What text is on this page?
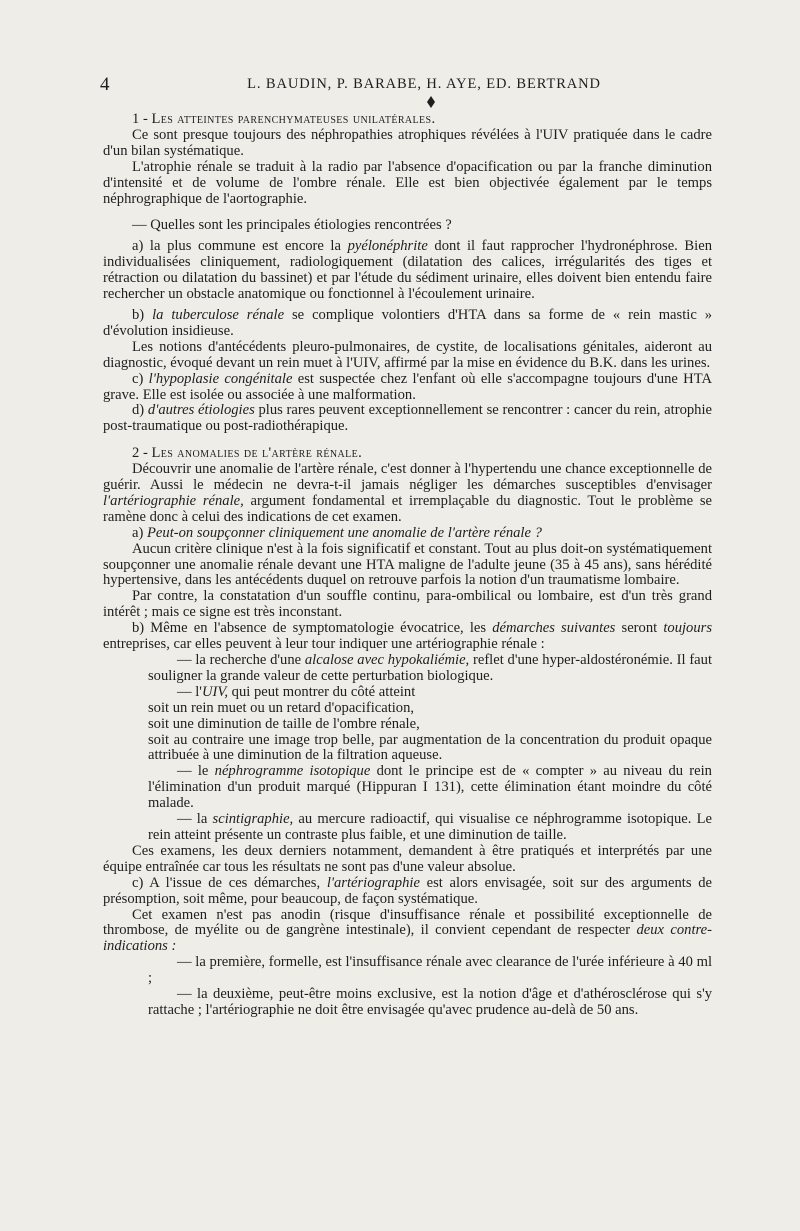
4	L. BAUDIN, P. BARABE, H. AYE, ED. BERTRAND

1 - Les atteintes parenchymateuses unilatérales.

Ce sont presque toujours des néphropathies atrophiques révélées à l'UIV pratiquée dans le cadre d'un bilan systématique.

L'atrophie rénale se traduit à la radio par l'absence d'opacification ou par la franche diminution d'intensité et de volume de l'ombre rénale. Elle est bien objectivée également par le temps néphrographique de l'aortographie.

— Quelles sont les principales étiologies rencontrées ?

a) la plus commune est encore la pyélonéphrite dont il faut rapprocher l'hydronéphrose. Bien individualisées cliniquement, radiologiquement (dilatation des calices, irrégularités des tiges et rétraction ou dilatation du bassinet) et par l'étude du sédiment urinaire, elles doivent bien entendu faire rechercher un obstacle anatomique ou fonctionnel à l'écoulement urinaire.

b) la tuberculose rénale se complique volontiers d'HTA dans sa forme de « rein mastic » d'évolution insidieuse.

Les notions d'antécédents pleuro-pulmonaires, de cystite, de localisations génitales, aideront au diagnostic, évoqué devant un rein muet à l'UIV, affirmé par la mise en évidence du B.K. dans les urines.

c) l'hypoplasie congénitale est suspectée chez l'enfant où elle s'accompagne toujours d'une HTA grave. Elle est isolée ou associée à une malformation.

d) d'autres étiologies plus rares peuvent exceptionnellement se rencontrer : cancer du rein, atrophie post-traumatique ou post-radiothérapique.

2 - Les anomalies de l'artère rénale.

Découvrir une anomalie de l'artère rénale, c'est donner à l'hypertendu une chance exceptionnelle de guérir. Aussi le médecin ne devra-t-il jamais négliger les démarches susceptibles d'envisager l'artériographie rénale, argument fondamental et irremplaçable du diagnostic. Tout le problème se ramène donc à celui des indications de cet examen.

a) Peut-on soupçonner cliniquement une anomalie de l'artère rénale ?

Aucun critère clinique n'est à la fois significatif et constant. Tout au plus doit-on systématiquement soupçonner une anomalie rénale devant une HTA maligne de l'adulte jeune (35 à 45 ans), sans hérédité hypertensive, dans les antécédents duquel on retrouve parfois la notion d'un traumatisme lombaire.

Par contre, la constatation d'un souffle continu, para-ombilical ou lombaire, est d'un très grand intérêt ; mais ce signe est très inconstant.

b) Même en l'absence de symptomatologie évocatrice, les démarches suivantes seront toujours entreprises, car elles peuvent à leur tour indiquer une artériographie rénale :

— la recherche d'une alcalose avec hypokaliémie, reflet d'une hyper-aldostéronémie. Il faut souligner la grande valeur de cette perturbation biologique.

— l'UIV, qui peut montrer du côté atteint

soit un rein muet ou un retard d'opacification,

soit une diminution de taille de l'ombre rénale,

soit au contraire une image trop belle, par augmentation de la concentration du produit opaque attribuée à une diminution de la filtration aqueuse.

— le néphrogramme isotopique dont le principe est de « compter » au niveau du rein l'élimination d'un produit marqué (Hippuran I 131), cette élimination étant moindre du côté malade.

— la scintigraphie, au mercure radioactif, qui visualise ce néphrogramme isotopique. Le rein atteint présente un contraste plus faible, et une diminution de taille.

Ces examens, les deux derniers notamment, demandent à être pratiqués et interprétés par une équipe entraînée car tous les résultats ne sont pas d'une valeur absolue.

c) A l'issue de ces démarches, l'artériographie est alors envisagée, soit sur des arguments de présomption, soit même, pour beaucoup, de façon systématique.

Cet examen n'est pas anodin (risque d'insuffisance rénale et possibilité exceptionnelle de thrombose, de myélite ou de gangrène intestinale), il convient cependant de respecter deux contre-indications :

— la première, formelle, est l'insuffisance rénale avec clearance de l'urée inférieure à 40 ml ;

— la deuxième, peut-être moins exclusive, est la notion d'âge et d'athérosclérose qui s'y rattache ; l'artériographie ne doit être envisagée qu'avec prudence au-delà de 50 ans.
